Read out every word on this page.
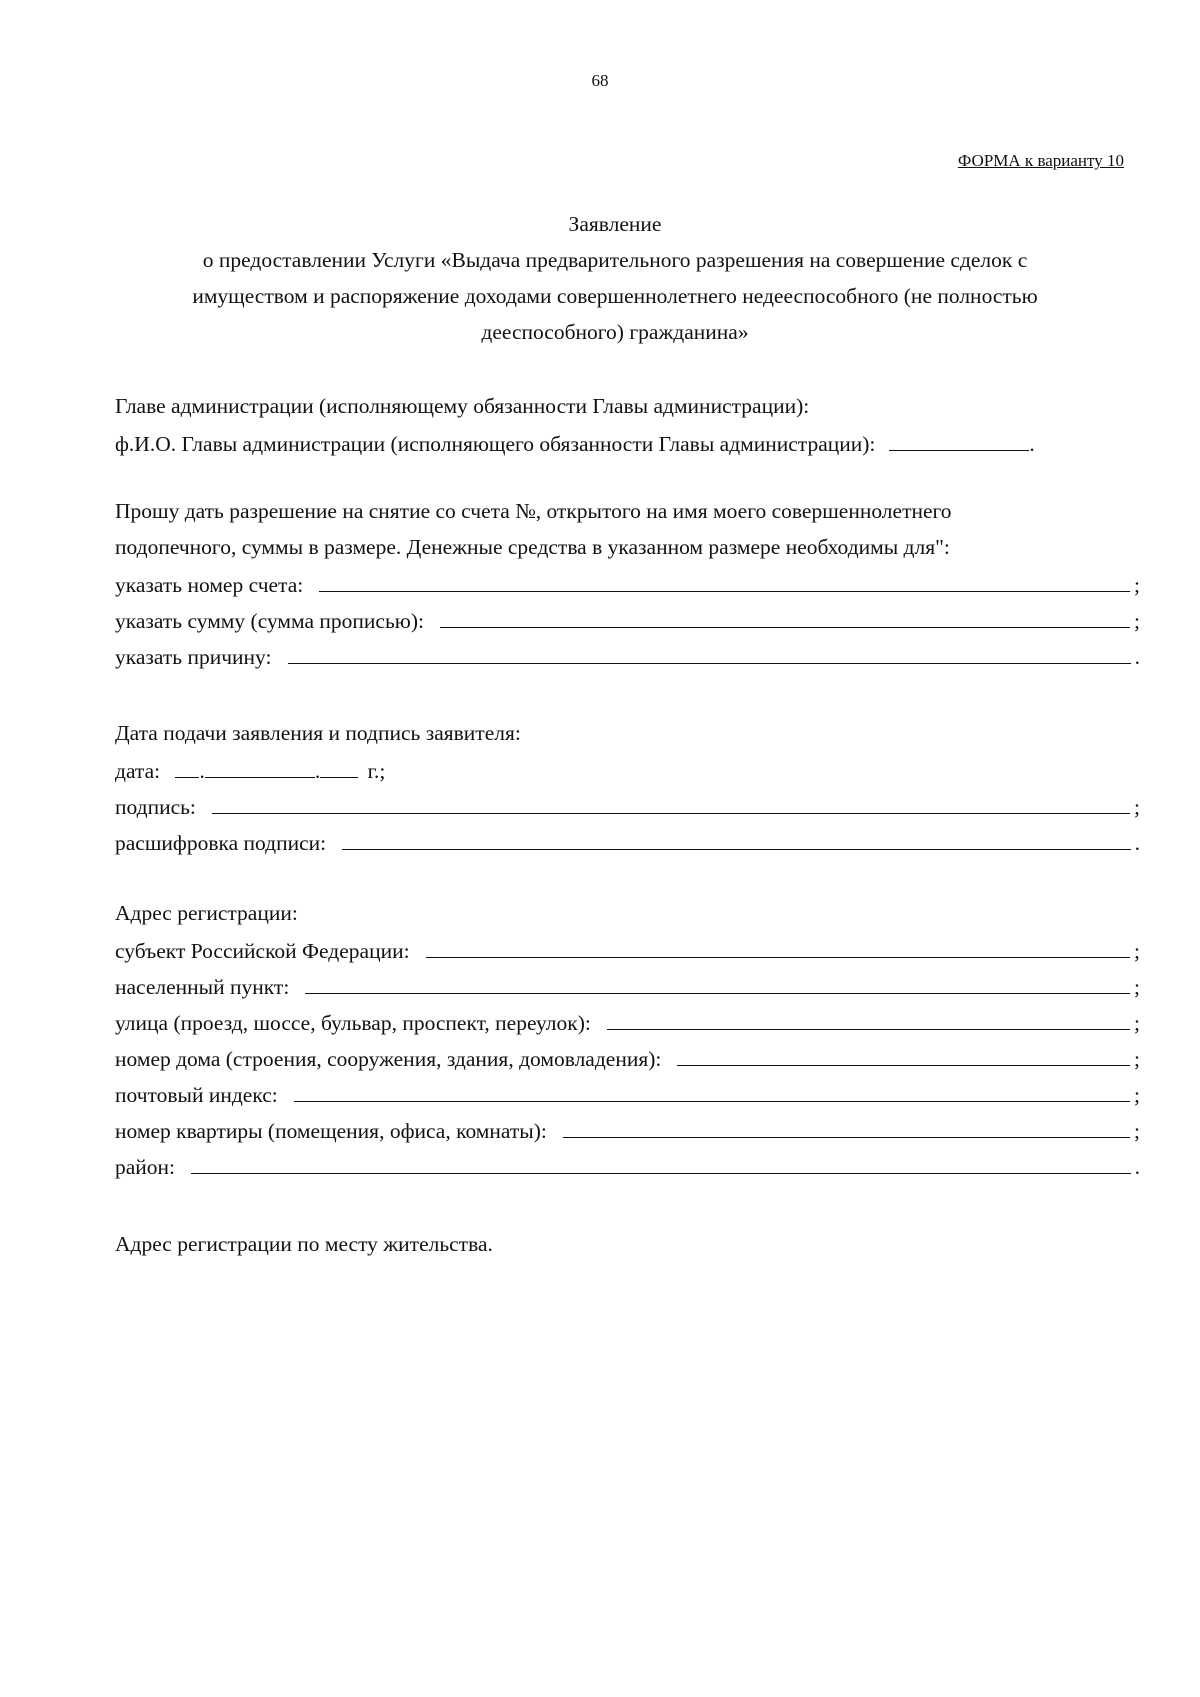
68
ФОРМА к варианту 10
Заявление
о предоставлении Услуги «Выдача предварительного разрешения на совершение сделок с
имуществом и распоряжение доходами совершеннолетнего недееспособного (не полностью
дееспособного) гражданина»
Главе администрации (исполняющему обязанности Главы администрации):
ф.И.О. Главы администрации (исполняющего обязанности Главы администрации):	.
Прошу дать разрешение на снятие со счета №, открытого на имя моего совершеннолетнего
подопечного, суммы в размере. Денежные средства в указанном размере необходимы для":
указать номер счета:	;
указать сумму (сумма прописью):	;
указать причину:	.
Дата подачи заявления и подпись заявителя:
дата: .	. г.;
подпись:	;
расшифровка подписи:	.
Адрес регистрации:
субъект Российской Федерации:	;
населенный пункт:	;
улица (проезд, шоссе, бульвар, проспект, переулок):	;
номер дома (строения, сооружения, здания, домовладения):	;
почтовый индекс:	;
номер квартиры (помещения, офиса, комнаты):	;
район:	.
Адрес регистрации по месту жительства.
